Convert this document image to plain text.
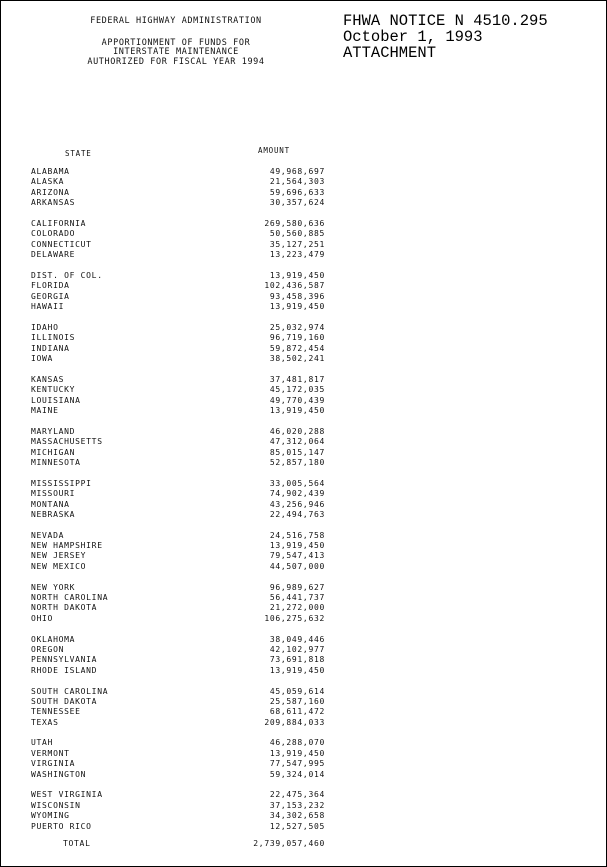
FEDERAL HIGHWAY ADMINISTRATION
APPORTIONMENT OF FUNDS FOR
INTERSTATE MAINTENANCE
AUTHORIZED FOR FISCAL YEAR 1994
FHWA NOTICE N 4510.295
October 1, 1993
ATTACHMENT
STATE	AMOUNT
ALABAMA	49,968,697
ALASKA	21,564,303
ARIZONA	59,696,633
ARKANSAS	30,357,624
CALIFORNIA	269,580,636
COLORADO	50,560,885
CONNECTICUT	35,127,251
DELAWARE	13,223,479
DIST. OF COL.	13,919,450
FLORIDA	102,436,587
GEORGIA	93,458,396
HAWAII	13,919,450
IDAHO	25,032,974
ILLINOIS	96,719,160
INDIANA	59,872,454
IOWA	38,502,241
KANSAS	37,481,817
KENTUCKY	45,172,035
LOUISIANA	49,770,439
MAINE	13,919,450
MARYLAND	46,020,288
MASSACHUSETTS	47,312,064
MICHIGAN	85,015,147
MINNESOTA	52,857,180
MISSISSIPPI	33,005,564
MISSOURI	74,902,439
MONTANA	43,256,946
NEBRASKA	22,494,763
NEVADA	24,516,758
NEW HAMPSHIRE	13,919,450
NEW JERSEY	79,547,413
NEW MEXICO	44,507,000
NEW YORK	96,989,627
NORTH CAROLINA	56,441,737
NORTH DAKOTA	21,272,000
OHIO	106,275,632
OKLAHOMA	38,049,446
OREGON	42,102,977
PENNSYLVANIA	73,691,818
RHODE ISLAND	13,919,450
SOUTH CAROLINA	45,059,614
SOUTH DAKOTA	25,587,160
TENNESSEE	68,611,472
TEXAS	209,884,033
UTAH	46,288,070
VERMONT	13,919,450
VIRGINIA	77,547,995
WASHINGTON	59,324,014
WEST VIRGINIA	22,475,364
WISCONSIN	37,153,232
WYOMING	34,302,658
PUERTO RICO	12,527,505
TOTAL	2,739,057,460
